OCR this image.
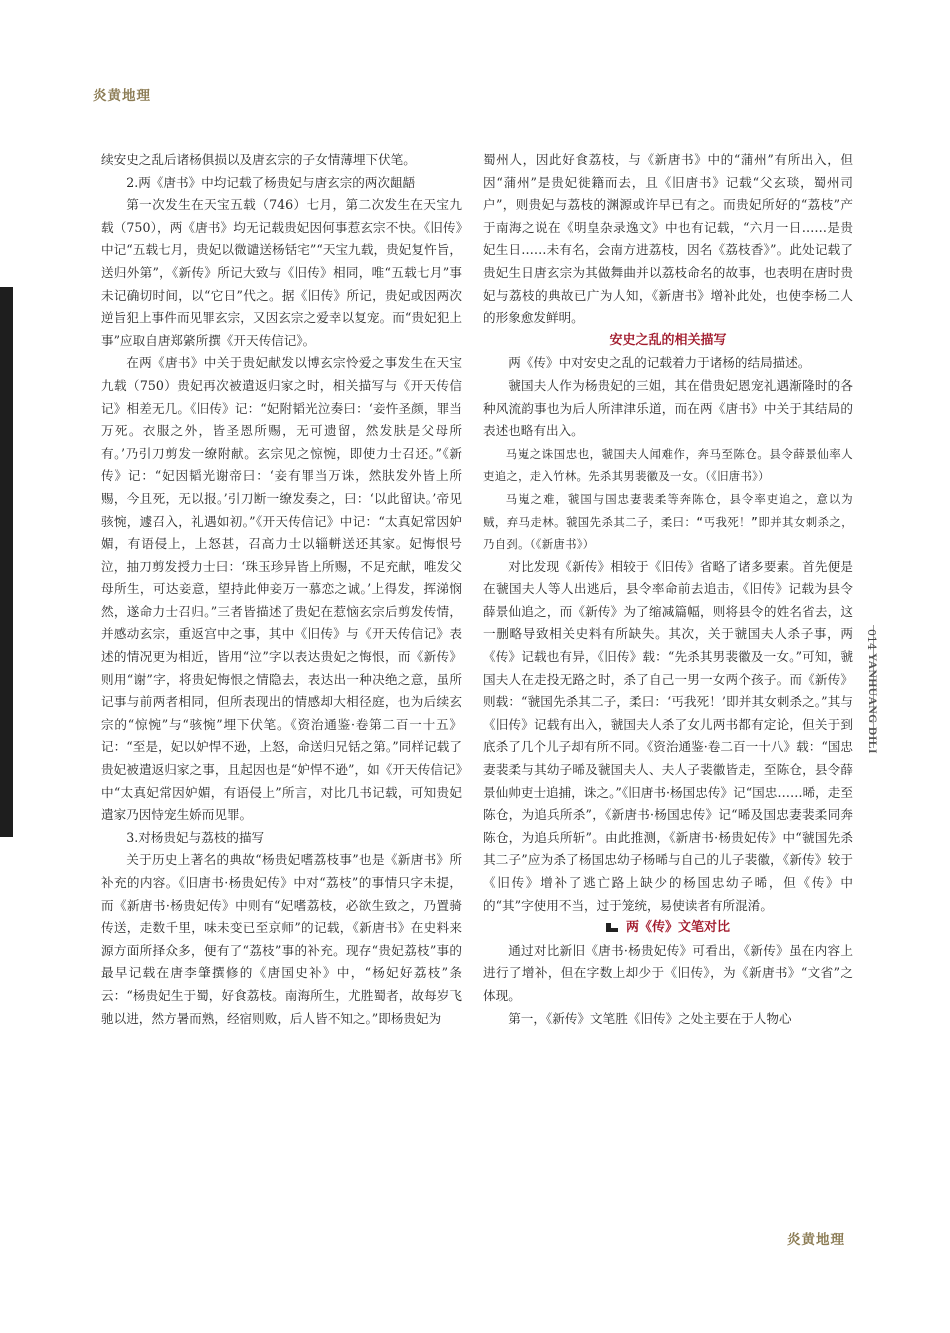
炎黄地理
014
YANHUANG DILI

续安史之乱后诸杨俱损以及唐玄宗的子女情薄埋下伏笔。

2.两《唐书》中均记载了杨贵妃与唐玄宗的两次龃龉

第一次发生在天宝五载（746）七月，第二次发生在天宝九载（750），两《唐书》均无记载贵妃因何事惹玄宗不快。《旧传》中记“五载七月，贵妃以微谴送杨铦宅”“天宝九载，贵妃复忤旨，送归外第”，《新传》所记大致与《旧传》相同，唯“五载七月”事未记确切时间，以“它日”代之。据《旧传》所记，贵妃或因两次逆旨犯上事件而见罪玄宗，又因玄宗之爱幸以复宠。而“贵妃犯上事”应取自唐郑綮所撰《开天传信记》。

在两《唐书》中关于贵妃献发以博玄宗怜爱之事发生在天宝九载（750）贵妃再次被遣返归家之时，相关描写与《开天传信记》相差无几。《旧传》记：“妃附韬光泣奏曰：‘妾忤圣颜，罪当万死。衣服之外，皆圣恩所赐，无可遗留，然发肤是父母所有。’乃引刀剪发一缭附献。玄宗见之惊惋，即使力士召还。”《新传》记：“妃因韬光谢帝曰：‘妾有罪当万诛，然肤发外皆上所赐，今且死，无以报。’引刀断一缭发奏之，曰：‘以此留诀。’帝见骇惋，遽召入，礼遇如初。”《开天传信记》中记：“太真妃常因妒媚，有语侵上，上怒甚，召高力士以辎軿送还其家。妃悔恨号泣，抽刀剪发授力士曰：‘珠玉珍异皆上所赐，不足充献，唯发父母所生，可达妾意，望持此伸妾万一慕恋之诚。’上得发，挥涕悯然，遂命力士召归。”三者皆描述了贵妃在惹恼玄宗后剪发传情，并感动玄宗，重返宫中之事，其中《旧传》与《开天传信记》表述的情况更为相近，皆用“泣”字以表达贵妃之悔恨，而《新传》则用“谢”字，将贵妃悔恨之情隐去，表达出一种决绝之意，虽所记事与前两者相同，但所表现出的情感却大相径庭，也为后续玄宗的“惊惋”与“骇惋”埋下伏笔。《资治通鉴·卷第二百一十五》记：“至是，妃以妒悍不逊，上怒，命送归兄铦之第。”同样记载了贵妃被遣返归家之事，且起因也是“妒悍不逊”，如《开天传信记》中“太真妃常因妒媚，有语侵上”所言，对比几书记载，可知贵妃遣家乃因恃宠生娇而见罪。

3.对杨贵妃与荔枝的描写

关于历史上著名的典故“杨贵妃嗜荔枝事”也是《新唐书》所补充的内容。《旧唐书·杨贵妃传》中对“荔枝”的事情只字未提，而《新唐书·杨贵妃传》中则有“妃嗜荔枝，必欲生致之，乃置骑传送，走数千里，味未变已至京师”的记载，《新唐书》在史料来源方面所择众多，便有了“荔枝”事的补充。现存“贵妃荔枝”事的最早记载在唐李肇撰修的《唐国史补》中，“杨妃好荔枝”条云：“杨贵妃生于蜀，好食荔枝。南海所生，尤胜蜀者，故每岁飞驰以进，然方暑而熟，经宿则败，后人皆不知之。”即杨贵妃为

蜀州人，因此好食荔枝，与《新唐书》中的“蒲州”有所出入，但因“蒲州”是贵妃徙籍而去，且《旧唐书》记载“父玄琰，蜀州司户”，则贵妃与荔枝的渊源或许早已有之。而贵妃所好的“荔枝”产于南海之说在《明皇杂录逸文》中也有记载，“六月一日……是贵妃生日……未有名，会南方进荔枝，因名《荔枝香》”。此处记载了贵妃生日唐玄宗为其做舞曲并以荔枝命名的故事，也表明在唐时贵妃与荔枝的典故已广为人知，《新唐书》增补此处，也使李杨二人的形象愈发鲜明。

安史之乱的相关描写

两《传》中对安史之乱的记载着力于诸杨的结局描述。

虢国夫人作为杨贵妃的三姐，其在借贵妃恩宠礼遇渐隆时的各种风流韵事也为后人所津津乐道，而在两《唐书》中关于其结局的表述也略有出入。

马嵬之诛国忠也，虢国夫人闻难作，奔马至陈仓。县令薛景仙率人吏追之，走入竹林。先杀其男裴徽及一女。（《旧唐书》）

马嵬之难，虢国与国忠妻裴柔等奔陈仓，县令率吏追之，意以为贼，弃马走林。虢国先杀其二子，柔曰：“丐我死！”即并其女刺杀之，乃自刭。（《新唐书》）

对比发现《新传》相较于《旧传》省略了诸多要素。首先便是在虢国夫人等人出逃后，县令率命前去追击，《旧传》记载为县令薛景仙追之，而《新传》为了缩减篇幅，则将县令的姓名省去，这一删略导致相关史料有所缺失。其次，关于虢国夫人杀子事，两《传》记载也有异，《旧传》载：“先杀其男裴徽及一女。”可知，虢国夫人在走投无路之时，杀了自己一男一女两个孩子。而《新传》则载：“虢国先杀其二子，柔曰：‘丐我死！’即并其女刺杀之。”其与《旧传》记载有出入，虢国夫人杀了女儿两书都有定论，但关于到底杀了几个儿子却有所不同。《资治通鉴·卷二百一十八》载：“国忠妻裴柔与其幼子晞及虢国夫人、夫人子裴徽皆走，至陈仓，县令薛景仙帅吏士追捕，诛之。”《旧唐书·杨国忠传》记“国忠……晞，走至陈仓，为追兵所杀”，《新唐书·杨国忠传》记“晞及国忠妻裴柔同奔陈仓，为追兵所斩”。由此推测，《新唐书·杨贵妃传》中“虢国先杀其二子”应为杀了杨国忠幼子杨晞与自己的儿子裴徽，《新传》较于《旧传》增补了逃亡路上缺少的杨国忠幼子晞，但《传》中的“其”字使用不当，过于笼统，易使读者有所混淆。

两《传》文笔对比

通过对比新旧《唐书·杨贵妃传》可看出，《新传》虽在内容上进行了增补，但在字数上却少于《旧传》，为《新唐书》“文省”之体现。

第一，《新传》文笔胜《旧传》之处主要在于人物心

炎黄地理
